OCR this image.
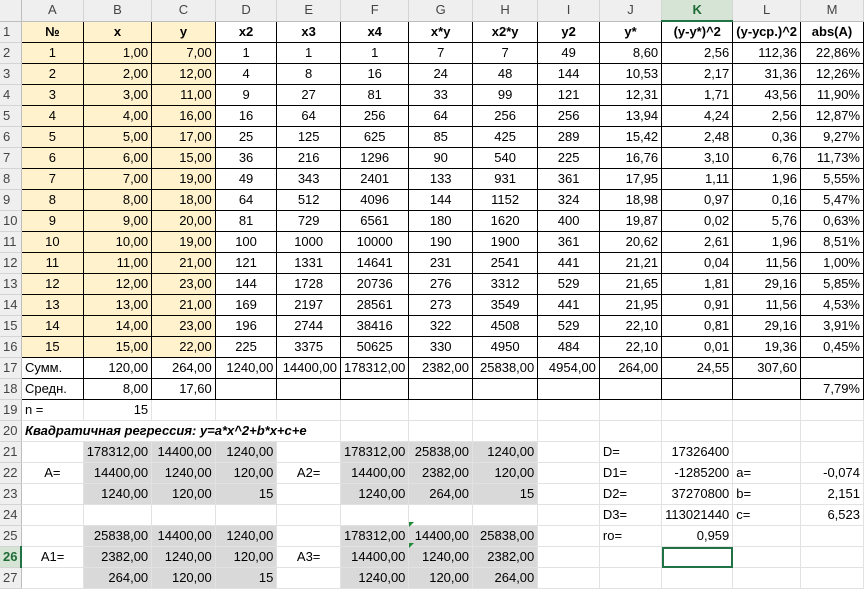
	A	B	C	D	E	F	G	H	I	J	K	L	M
1	№	x	y	x2	x3	x4	x*y	x2*y	y2	y*	(y-y*)^2	(y-усp.)^2	abs(A)
2	1	1,00	7,00	1	1	1	7	7	49	8,60	2,56	112,36	22,86%
3	2	2,00	12,00	4	8	16	24	48	144	10,53	2,17	31,36	12,26%
4	3	3,00	11,00	9	27	81	33	99	121	12,31	1,71	43,56	11,90%
5	4	4,00	16,00	16	64	256	64	256	256	13,94	4,24	2,56	12,87%
6	5	5,00	17,00	25	125	625	85	425	289	15,42	2,48	0,36	9,27%
7	6	6,00	15,00	36	216	1296	90	540	225	16,76	3,10	6,76	11,73%
8	7	7,00	19,00	49	343	2401	133	931	361	17,95	1,11	1,96	5,55%
9	8	8,00	18,00	64	512	4096	144	1152	324	18,98	0,97	0,16	5,47%
10	9	9,00	20,00	81	729	6561	180	1620	400	19,87	0,02	5,76	0,63%
11	10	10,00	19,00	100	1000	10000	190	1900	361	20,62	2,61	1,96	8,51%
12	11	11,00	21,00	121	1331	14641	231	2541	441	21,21	0,04	11,56	1,00%
13	12	12,00	23,00	144	1728	20736	276	3312	529	21,65	1,81	29,16	5,85%
14	13	13,00	21,00	169	2197	28561	273	3549	441	21,95	0,91	11,56	4,53%
15	14	14,00	23,00	196	2744	38416	322	4508	529	22,10	0,81	29,16	3,91%
16	15	15,00	22,00	225	3375	50625	330	4950	484	22,10	0,01	19,36	0,45%
17	Сумм.	120,00	264,00	1240,00	14400,00	178312,00	2382,00	25838,00	4954,00	264,00	24,55	307,60	
18	Средн.	8,00	17,60										7,79%
19	n =	15											
20	Квадратичная регрессия: y=a*x^2+b*x+c+e												
21		178312,00	14400,00	1240,00		178312,00	25838,00	1240,00		D=	17326400		
22	A=	14400,00	1240,00	120,00	A2=	14400,00	2382,00	120,00		D1=	-1285200	a=	-0,074
23		1240,00	120,00	15		1240,00	264,00	15		D2=	37270800	b=	2,151
24										D3=	113021440	c=	6,523
25		25838,00	14400,00	1240,00		178312,00	14400,00	25838,00		ro=	0,959		
26	A1=	2382,00	1240,00	120,00	A3=	14400,00	1240,00	2382,00					
27		264,00	120,00	15		1240,00	120,00	264,00					
